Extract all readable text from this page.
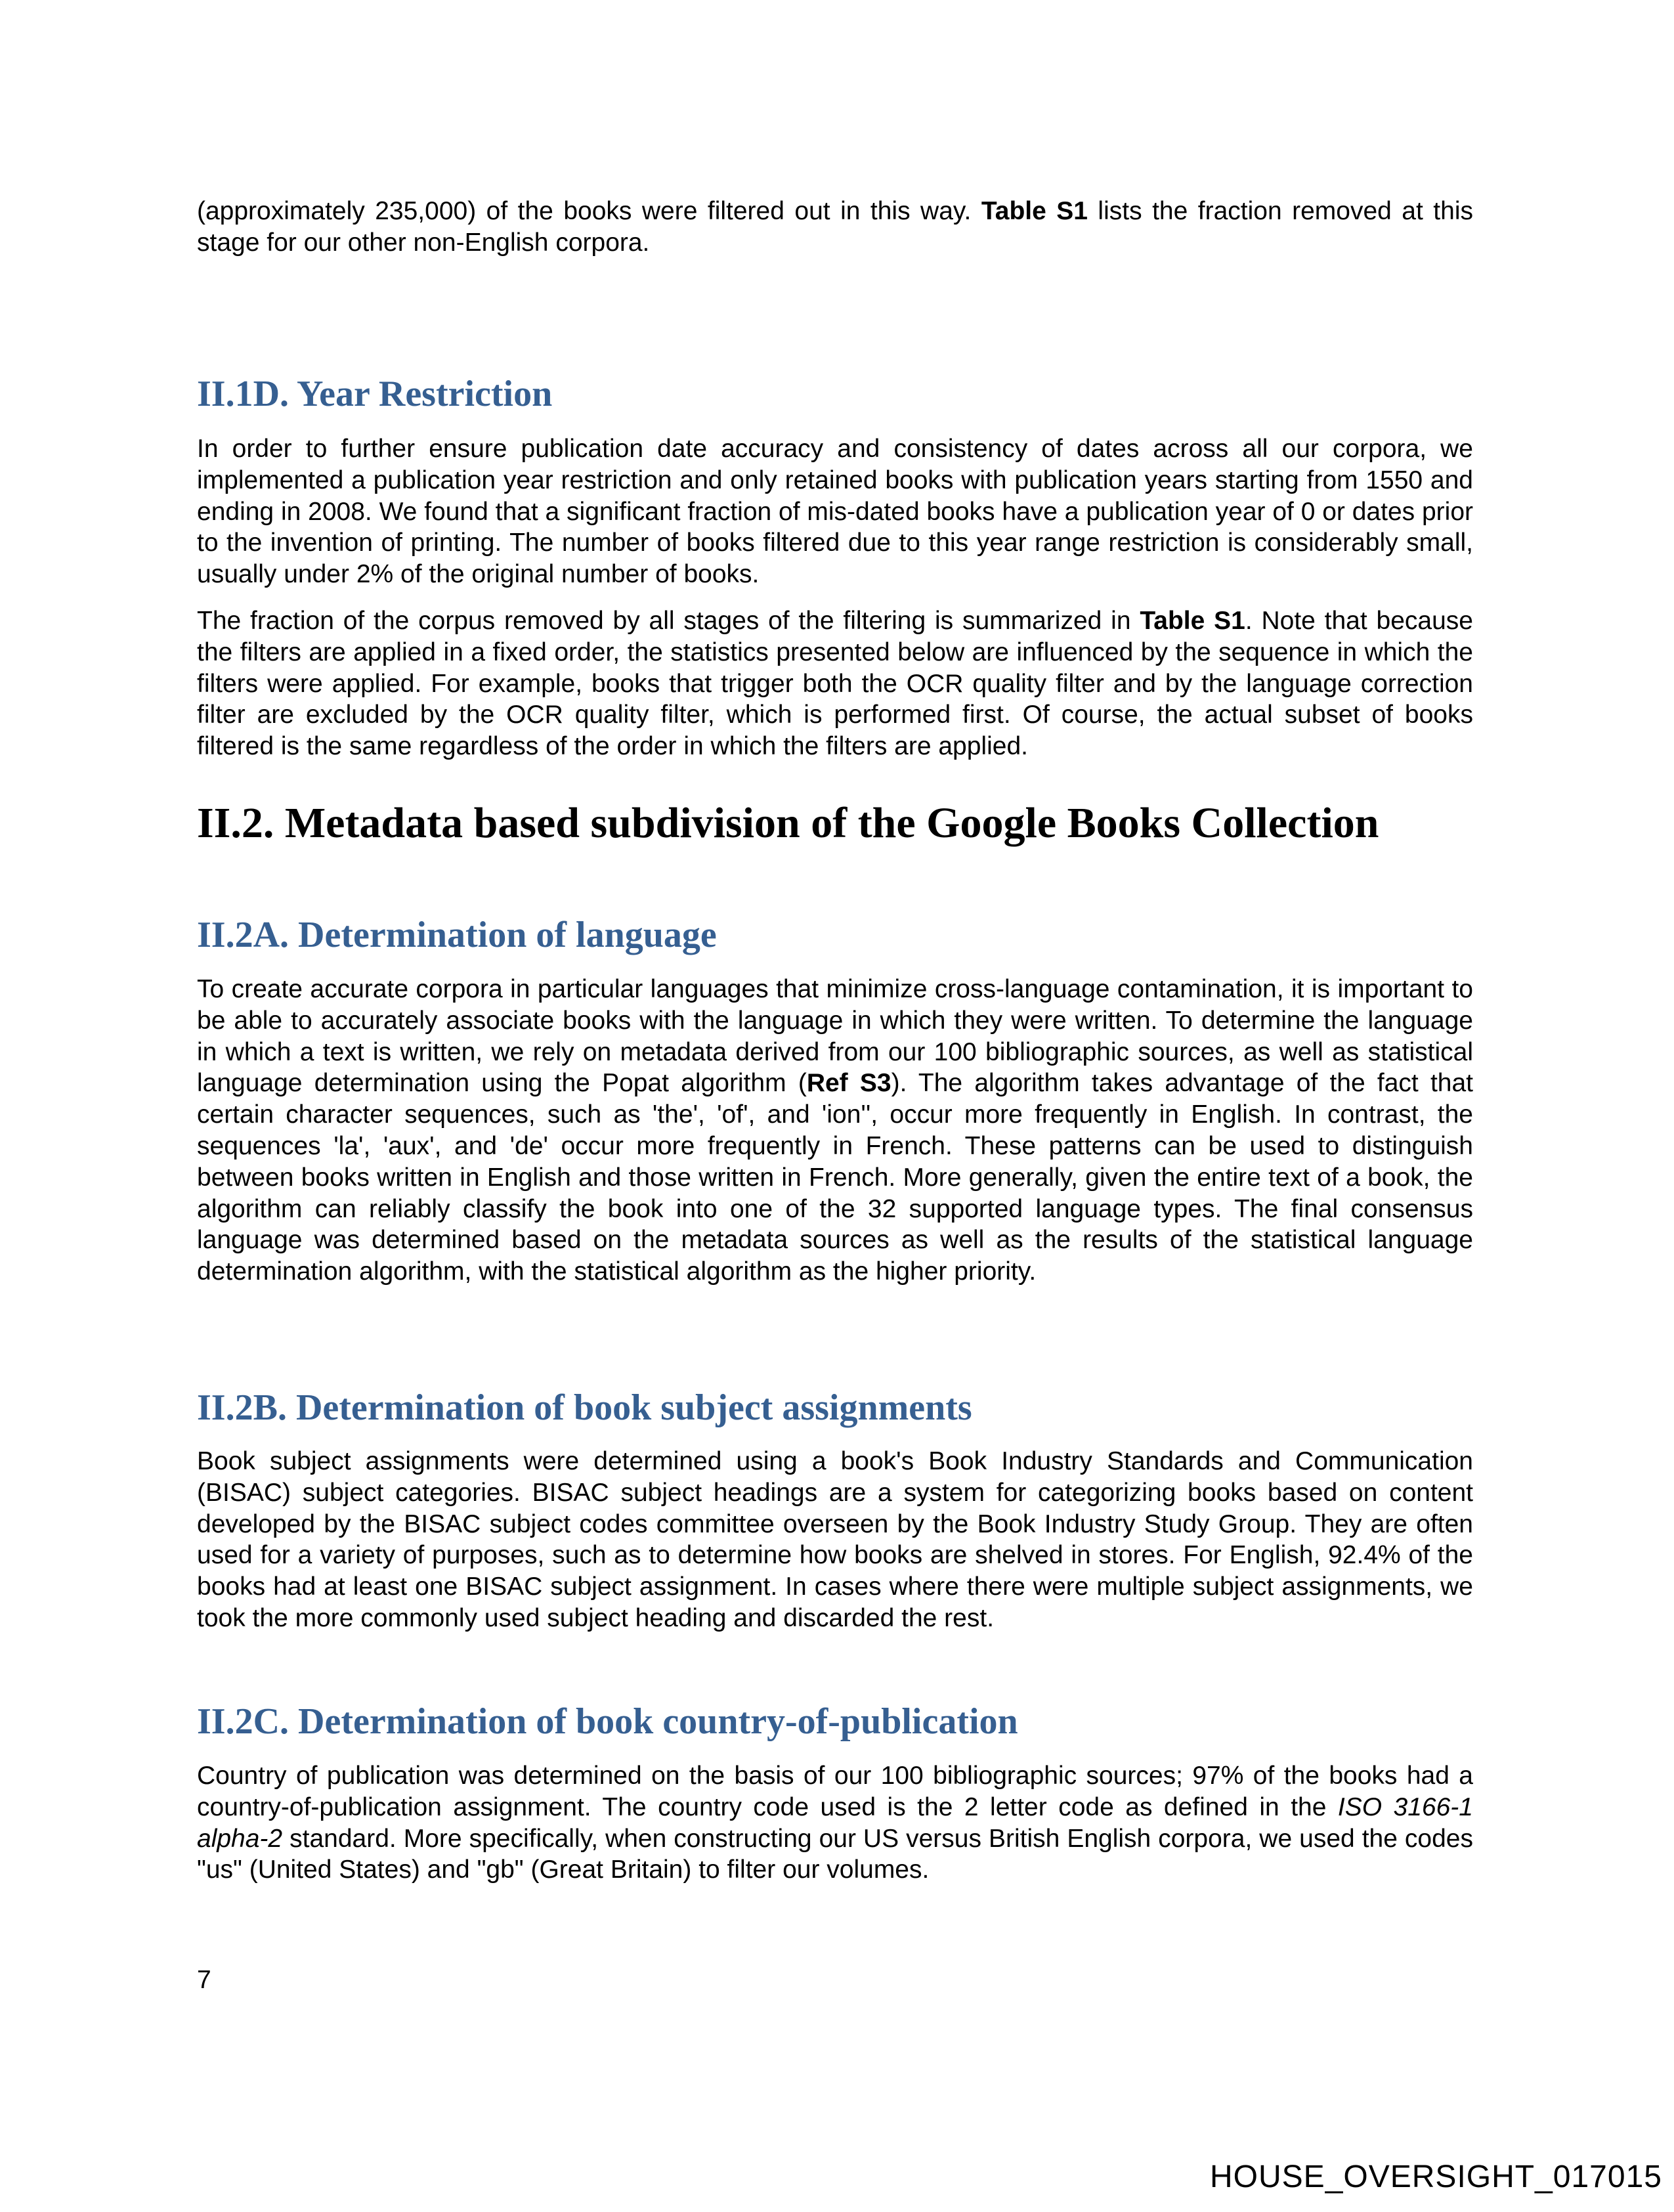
(approximately 235,000) of the books were filtered out in this way. Table S1 lists the fraction removed at this stage for our other non-English corpora.

II.1D. Year Restriction

In order to further ensure publication date accuracy and consistency of dates across all our corpora, we implemented a publication year restriction and only retained books with publication years starting from 1550 and ending in 2008. We found that a significant fraction of mis-dated books have a publication year of 0 or dates prior to the invention of printing. The number of books filtered due to this year range restriction is considerably small, usually under 2% of the original number of books.

The fraction of the corpus removed by all stages of the filtering is summarized in Table S1. Note that because the filters are applied in a fixed order, the statistics presented below are influenced by the sequence in which the filters were applied. For example, books that trigger both the OCR quality filter and by the language correction filter are excluded by the OCR quality filter, which is performed first. Of course, the actual subset of books filtered is the same regardless of the order in which the filters are applied.

II.2. Metadata based subdivision of the Google Books Collection
II.2A. Determination of language

To create accurate corpora in particular languages that minimize cross-language contamination, it is important to be able to accurately associate books with the language in which they were written. To determine the language in which a text is written, we rely on metadata derived from our 100 bibliographic sources, as well as statistical language determination using the Popat algorithm (Ref S3). The algorithm takes advantage of the fact that certain character sequences, such as 'the', 'of', and 'ion'', occur more frequently in English. In contrast, the sequences 'la', 'aux', and 'de' occur more frequently in French. These patterns can be used to distinguish between books written in English and those written in French. More generally, given the entire text of a book, the algorithm can reliably classify the book into one of the 32 supported language types. The final consensus language was determined based on the metadata sources as well as the results of the statistical language determination algorithm, with the statistical algorithm as the higher priority.

II.2B. Determination of book subject assignments

Book subject assignments were determined using a book's Book Industry Standards and Communication (BISAC) subject categories. BISAC subject headings are a system for categorizing books based on content developed by the BISAC subject codes committee overseen by the Book Industry Study Group. They are often used for a variety of purposes, such as to determine how books are shelved in stores. For English, 92.4% of the books had at least one BISAC subject assignment. In cases where there were multiple subject assignments, we took the more commonly used subject heading and discarded the rest.

II.2C. Determination of book country-of-publication

Country of publication was determined on the basis of our 100 bibliographic sources; 97% of the books had a country-of-publication assignment. The country code used is the 2 letter code as defined in the ISO 3166-1 alpha-2 standard. More specifically, when constructing our US versus British English corpora, we used the codes "us" (United States) and "gb" (Great Britain) to filter our volumes.

7
HOUSE_OVERSIGHT_017015
